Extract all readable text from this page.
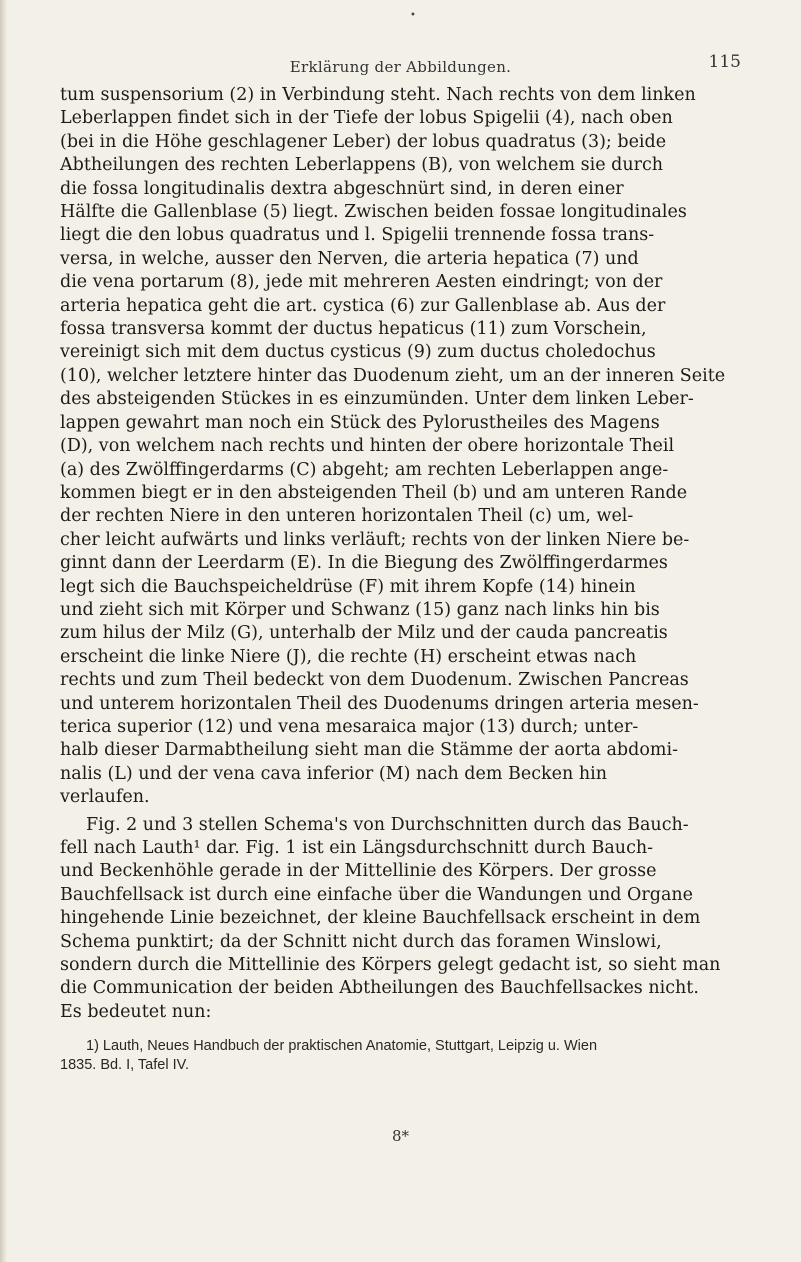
•
Erklärung der Abbildungen.	115

tum suspensorium (2) in Verbindung steht. Nach rechts von dem linken
Leberlappen findet sich in der Tiefe der lobus Spigelii (4), nach oben
(bei in die Höhe geschlagener Leber) der lobus quadratus (3); beide
Abtheilungen des rechten Leberlappens (B), von welchem sie durch
die fossa longitudinalis dextra abgeschnürt sind, in deren einer
Hälfte die Gallenblase (5) liegt. Zwischen beiden fossae longitudinales
liegt die den lobus quadratus und l. Spigelii trennende fossa trans-
versa, in welche, ausser den Nerven, die arteria hepatica (7) und
die vena portarum (8), jede mit mehreren Aesten eindringt; von der
arteria hepatica geht die art. cystica (6) zur Gallenblase ab. Aus der
fossa transversa kommt der ductus hepaticus (11) zum Vorschein,
vereinigt sich mit dem ductus cysticus (9) zum ductus choledochus
(10), welcher letztere hinter das Duodenum zieht, um an der inneren Seite
des absteigenden Stückes in es einzumünden. Unter dem linken Leber-
lappen gewahrt man noch ein Stück des Pylorustheiles des Magens
(D), von welchem nach rechts und hinten der obere horizontale Theil
(a) des Zwölffingerdarms (C) abgeht; am rechten Leberlappen ange-
kommen biegt er in den absteigenden Theil (b) und am unteren Rande
der rechten Niere in den unteren horizontalen Theil (c) um, wel-
cher leicht aufwärts und links verläuft; rechts von der linken Niere be-
ginnt dann der Leerdarm (E). In die Biegung des Zwölffingerdarmes
legt sich die Bauchspeicheldrüse (F) mit ihrem Kopfe (14) hinein
und zieht sich mit Körper und Schwanz (15) ganz nach links hin bis
zum hilus der Milz (G), unterhalb der Milz und der cauda pancreatis
erscheint die linke Niere (J), die rechte (H) erscheint etwas nach
rechts und zum Theil bedeckt von dem Duodenum. Zwischen Pancreas
und unterem horizontalen Theil des Duodenums dringen arteria mesen-
terica superior (12) und vena mesaraica major (13) durch; unter-
halb dieser Darmabtheilung sieht man die Stämme der aorta abdomi-
nalis (L) und der vena cava inferior (M) nach dem Becken hin
verlaufen.

Fig. 2 und 3 stellen Schema's von Durchschnitten durch das Bauch-
fell nach Lauth¹ dar. Fig. 1 ist ein Längsdurchschnitt durch Bauch-
und Beckenhöhle gerade in der Mittellinie des Körpers. Der grosse
Bauchfellsack ist durch eine einfache über die Wandungen und Organe
hingehende Linie bezeichnet, der kleine Bauchfellsack erscheint in dem
Schema punktirt; da der Schnitt nicht durch das foramen Winslowi,
sondern durch die Mittellinie des Körpers gelegt gedacht ist, so sieht man
die Communication der beiden Abtheilungen des Bauchfellsackes nicht.
Es bedeutet nun:

1) Lauth, Neues Handbuch der praktischen Anatomie, Stuttgart, Leipzig u. Wien

1835. Bd. I, Tafel IV.
8*
